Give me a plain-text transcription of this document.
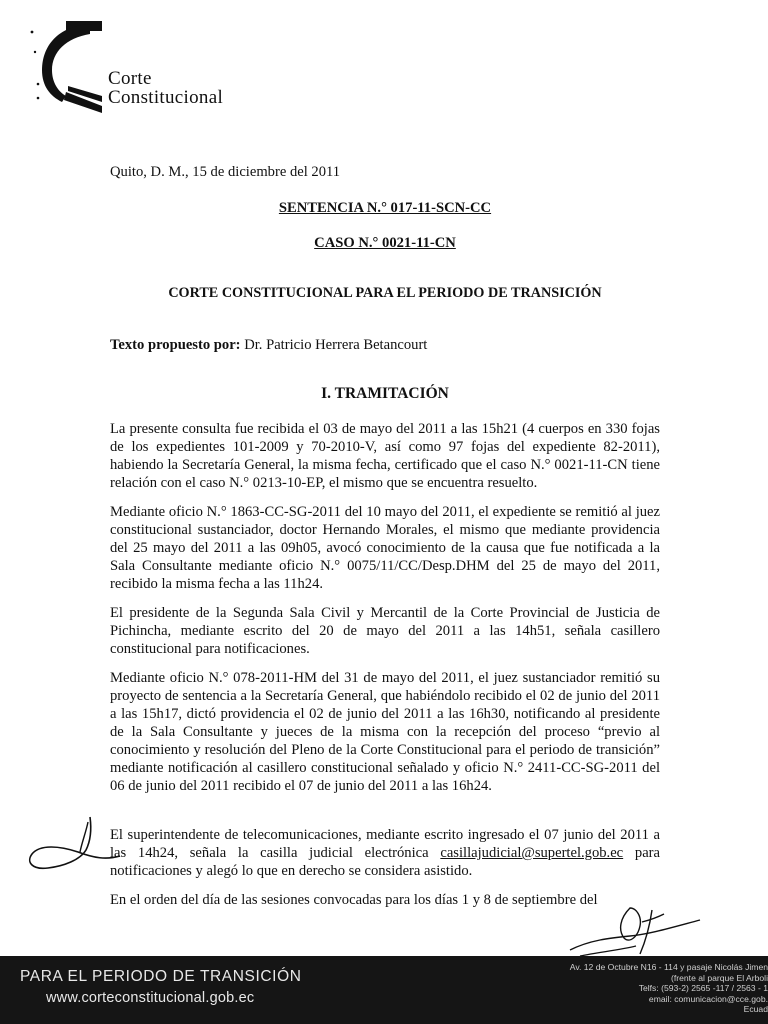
Corte
Constitucional
Quito, D. M., 15 de diciembre del 2011
SENTENCIA N.° 017-11-SCN-CC
CASO N.° 0021-11-CN
CORTE CONSTITUCIONAL PARA EL PERIODO DE TRANSICIÓN
Texto propuesto por: Dr. Patricio Herrera Betancourt
I. TRAMITACIÓN
La presente consulta fue recibida el 03 de mayo del 2011 a las 15h21 (4 cuerpos en 330 fojas de los expedientes 101-2009 y 70-2010-V, así como 97 fojas del expediente 82-2011), habiendo la Secretaría General, la misma fecha, certificado que el caso N.° 0021-11-CN tiene relación con el caso N.° 0213-10-EP, el mismo que se encuentra resuelto.
Mediante oficio N.° 1863-CC-SG-2011 del 10 mayo del 2011, el expediente se remitió al juez constitucional sustanciador, doctor Hernando Morales, el mismo que mediante providencia del 25 mayo del 2011 a las 09h05, avocó conocimiento de la causa que fue notificada a la Sala Consultante mediante oficio N.° 0075/11/CC/Desp.DHM del 25 de mayo del 2011, recibido la misma fecha a las 11h24.
El presidente de la Segunda Sala Civil y Mercantil de la Corte Provincial de Justicia de Pichincha, mediante escrito del 20 de mayo del 2011 a las 14h51, señala casillero constitucional para notificaciones.
Mediante oficio N.° 078-2011-HM del 31 de mayo del 2011, el juez sustanciador remitió su proyecto de sentencia a la Secretaría General, que habiéndolo recibido el 02 de junio del 2011 a las 15h17, dictó providencia el 02 de junio del 2011 a las 16h30, notificando al presidente de la Sala Consultante y jueces de la misma con la recepción del proceso “previo al conocimiento y resolución del Pleno de la Corte Constitucional para el periodo de transición” mediante notificación al casillero constitucional señalado y oficio N.° 2411-CC-SG-2011 del 06 de junio del 2011 recibido el 07 de junio del 2011 a las 16h24.
El superintendente de telecomunicaciones, mediante escrito ingresado el 07 junio del 2011 a las 14h24, señala la casilla judicial electrónica casillajudicial@supertel.gob.ec para notificaciones y alegó lo que en derecho se considera asistido.
En el orden del día de las sesiones convocadas para los días 1 y 8 de septiembre del
PARA EL PERIODO DE TRANSICIÓN
www.corteconstitucional.gob.ec
Av. 12 de Octubre N16 - 114 y pasaje Nicolás Jimen
(frente al parque El Arboli
Telfs: (593-2) 2565 -117 / 2563 - 1
email: comunicacion@cce.gob.
Ecuad
